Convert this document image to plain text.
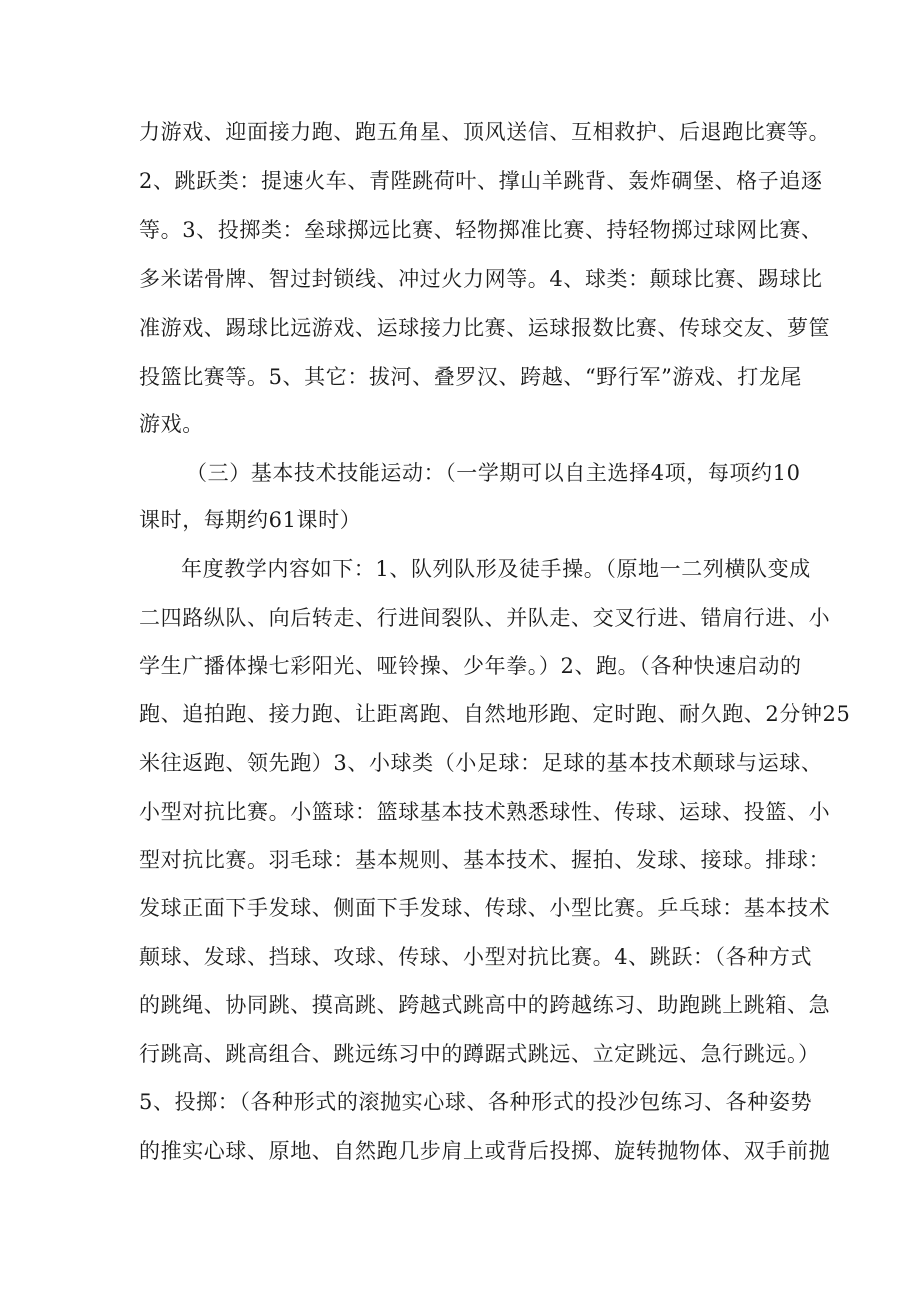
力游戏、迎面接力跑、跑五角星、顶风送信、互相救护、后退跑比赛等。
2、跳跃类：提速火车、青陛跳荷叶、撑山羊跳背、轰炸碉堡、格子追逐
等。3、投掷类：垒球掷远比赛、轻物掷准比赛、持轻物掷过球网比赛、
多米诺骨牌、智过封锁线、冲过火力网等。4、球类：颠球比赛、踢球比
准游戏、踢球比远游戏、运球接力比赛、运球报数比赛、传球交友、萝筐
投篮比赛等。5、其它：拔河、叠罗汉、跨越、“野行军”游戏、打龙尾
游戏。
（三）基本技术技能运动：（一学期可以自主选择4项，每项约10
课时，每期约61课时）
年度教学内容如下：1、队列队形及徒手操。（原地一二列横队变成
二四路纵队、向后转走、行进间裂队、并队走、交叉行进、错肩行进、小
学生广播体操七彩阳光、哑铃操、少年拳。）2、跑。（各种快速启动的
跑、追拍跑、接力跑、让距离跑、自然地形跑、定时跑、耐久跑、2分钟25
米往返跑、领先跑）3、小球类（小足球：足球的基本技术颠球与运球、
小型对抗比赛。小篮球：篮球基本技术熟悉球性、传球、运球、投篮、小
型对抗比赛。羽毛球：基本规则、基本技术、握拍、发球、接球。排球：
发球正面下手发球、侧面下手发球、传球、小型比赛。乒乓球：基本技术
颠球、发球、挡球、攻球、传球、小型对抗比赛。4、跳跃：（各种方式
的跳绳、协同跳、摸高跳、跨越式跳高中的跨越练习、助跑跳上跳箱、急
行跳高、跳高组合、跳远练习中的蹲踞式跳远、立定跳远、急行跳远。）
5、投掷：（各种形式的滚抛实心球、各种形式的投沙包练习、各种姿势
的推实心球、原地、自然跑几步肩上或背后投掷、旋转抛物体、双手前抛
